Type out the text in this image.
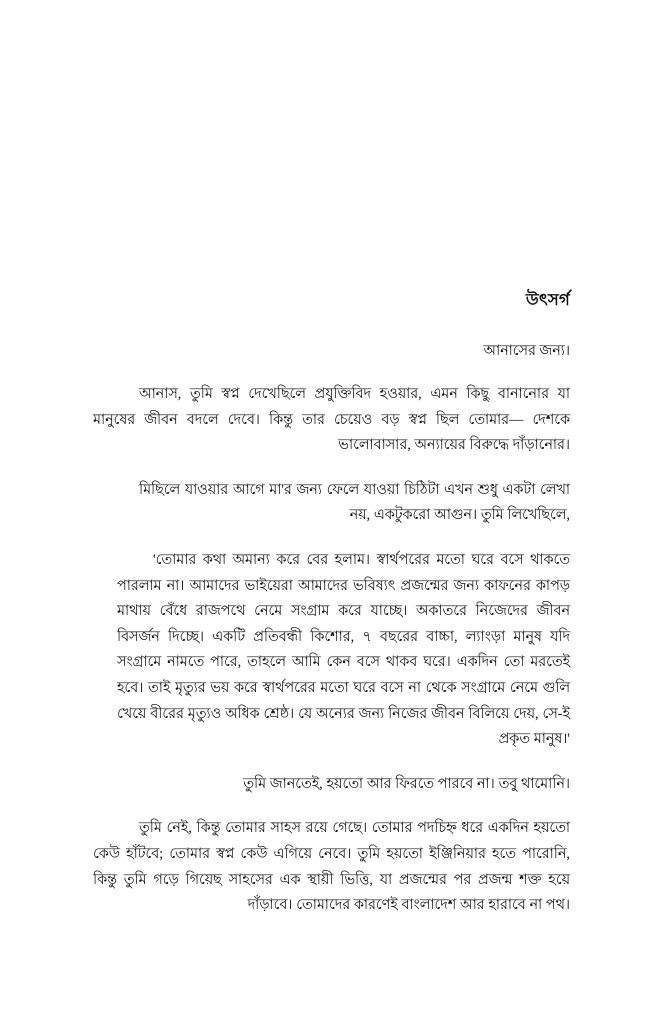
উৎসর্গ

আনাসের জন্য।

আনাস, তুমি স্বপ্ন দেখেছিলে প্রযুক্তিবিদ হওয়ার, এমন কিছু বানানোর যা মানুষের জীবন বদলে দেবে। কিন্তু তার চেয়েও বড় স্বপ্ন ছিল তোমার— দেশকে ভালোবাসার, অন্যায়ের বিরুদ্ধে দাঁড়ানোর।

মিছিলে যাওয়ার আগে মা'র জন্য ফেলে যাওয়া চিঠিটা এখন শুধু একটা লেখা নয়, একটুকরো আগুন। তুমি লিখেছিলে,

'তোমার কথা অমান্য করে বের হলাম। স্বার্থপরের মতো ঘরে বসে থাকতে পারলাম না। আমাদের ভাইয়েরা আমাদের ভবিষ্যৎ প্রজন্মের জন্য কাফনের কাপড় মাথায় বেঁধে রাজপথে নেমে সংগ্রাম করে যাচ্ছে। অকাতরে নিজেদের জীবন বিসর্জন দিচ্ছে। একটি প্রতিবন্ধী কিশোর, ৭ বছরের বাচ্চা, ল্যাংড়া মানুষ যদি সংগ্রামে নামতে পারে, তাহলে আমি কেন বসে থাকব ঘরে। একদিন তো মরতেই হবে। তাই মৃত্যুর ভয় করে স্বার্থপরের মতো ঘরে বসে না থেকে সংগ্রামে নেমে গুলি খেয়ে বীরের মৃত্যুও অধিক শ্রেষ্ঠ। যে অন্যের জন্য নিজের জীবন বিলিয়ে দেয়, সে-ই প্রকৃত মানুষ।'

তুমি জানতেই, হয়তো আর ফিরতে পারবে না। তবু থামোনি।

তুমি নেই, কিন্তু তোমার সাহস রয়ে গেছে। তোমার পদচিহ্ন ধরে একদিন হয়তো কেউ হাঁটবে; তোমার স্বপ্ন কেউ এগিয়ে নেবে। তুমি হয়তো ইঞ্জিনিয়ার হতে পারোনি, কিন্তু তুমি গড়ে গিয়েছ সাহসের এক স্থায়ী ভিত্তি, যা প্রজন্মের পর প্রজন্ম শক্ত হয়ে দাঁড়াবে। তোমাদের কারণেই বাংলাদেশ আর হারাবে না পথ।
